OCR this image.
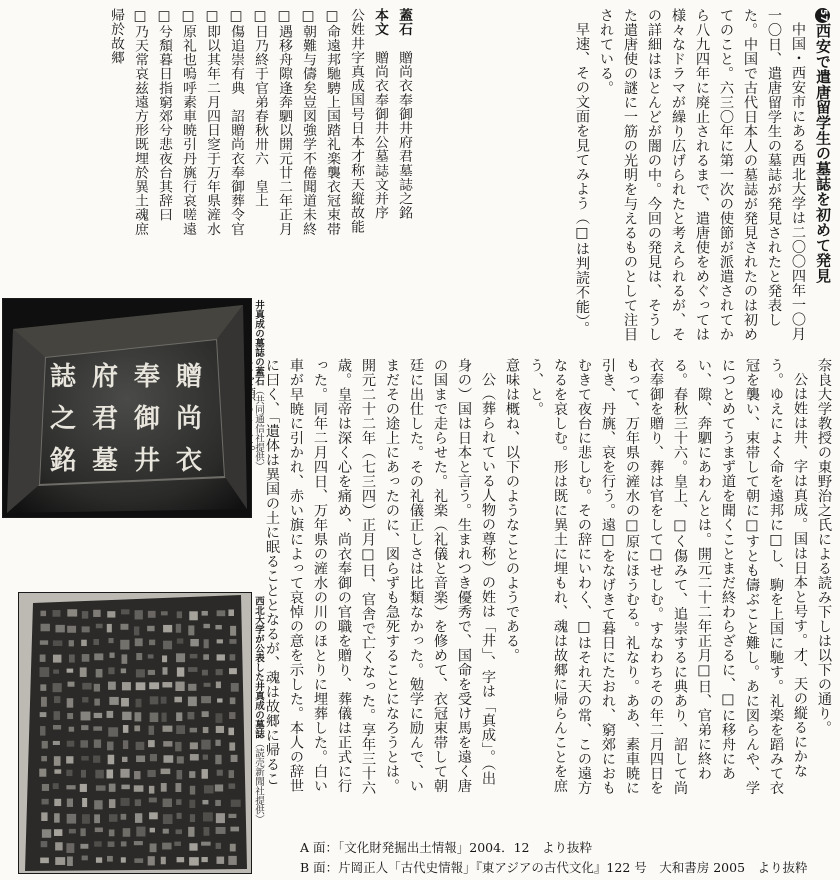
57西安で遣唐留学生の墓誌を初めて発見

中国・西安市にある西北大学は二〇〇四年一〇月一〇日、遣唐留学生の墓誌が発見されたと発表した。中国で古代日本人の墓誌が発見されたのは初めてのこと。六三〇年に第一次の使節が派遣されてから八九四年に廃止されるまで、遣唐使をめぐっては様々なドラマが繰り広げられたと考えられるが、その詳細はほとんどが闇の中。今回の発見は、そうした遣唐使の謎に一筋の光明を与えるものとして注目されている。

早速、その文面を見てみよう（□は判読不能）。

蓋石　贈尚衣奉御井府君墓誌之銘

本文　贈尚衣奉御井公墓誌文并序

公姓井字真成国号日本才称天縦故能

□命遠邦馳騁上国踏礼楽襲衣冠束帯

□朝難与儔矣豈図強学不倦聞道未終

□遇移舟隙逢奔駟以開元廿二年正月

□日乃終于官弟春秋卅六　皇上

□傷追崇有典　詔贈尚衣奉御葬令官

□即以其年二月四日窆于万年県滻水

□原礼也嗚呼素車暁引丹旐行哀嗟遠

□兮頽暮日指窮郊兮悲夜台其辞曰

□乃天常哀兹遠方形既埋於異土魂庶

帰於故郷

奈良大学教授の東野治之氏による読み下しは以下の通り。

公は姓は井、字は真成。国は日本と号す。才、天の縦るにかなう。ゆえによく命を遠邦に□し、駒を上国に馳す。礼楽を蹈みて衣冠を襲い、束帯して朝に□すとも儔ぶこと難し。あに図らんや、学につとめてうまず道を聞くことまだ終わらざるに、□に移舟にあい、隙、奔駟にあわんとは。開元二十二年正月□日、官弟に終わる。春秋三十六。皇上、□く傷みて、追崇するに典あり、詔して尚衣奉御を贈り、葬は官をして□せしむ。すなわちその年二月四日をもって、万年県の滻水の□原にほうむる。礼なり。ああ、素車暁に引き、丹旐、哀を行う。遠□をなげきて暮日にたおれ、窮郊におもむきて夜台に悲しむ。その辞にいわく、□はそれ天の常、この遠方なるを哀しむ。形は既に異土に埋もれ、魂は故郷に帰らんことを庶う、と。

意味は概ね、以下のようなことのようである。

公（葬られている人物の尊称）の姓は「井」、字は「真成」。（出身の）国は日本と言う。生まれつき優秀で、国命を受け馬を遠く唐の国まで走らせた。礼楽（礼儀と音楽）を修めて、衣冠束帯して朝廷に出仕した。その礼儀正しさは比類なかった。勉学に励んで、いまだその途上にあったのに、図らずも急死することになろうとは。開元二十二年（七三四）正月□日、官舎で亡くなった。享年三十六歳。皇帝は深く心を痛め、尚衣奉御の官職を贈り、葬儀は正式に行った。同年二月四日、万年県の滻水の川のほとりに埋葬した。白い車が早暁に引かれ、赤い旗によって哀悼の意を示した。本人の辞世に曰く、「遺体は異国の土に眠ることとなるが、魂は故郷に帰るこ

贈
尚
衣
奉
御
井
府
君
墓
誌
之
銘
井真成の墓誌の蓋石（共同通信社提供）
西北大学が公表した井真成の墓誌（読売新聞社提供）
A 面：「文化財発掘出土情報」2004．12　より抜粋
B 面：片岡正人「古代史情報」『東アジアの古代文化』122 号　大和書房 2005　より抜粋
